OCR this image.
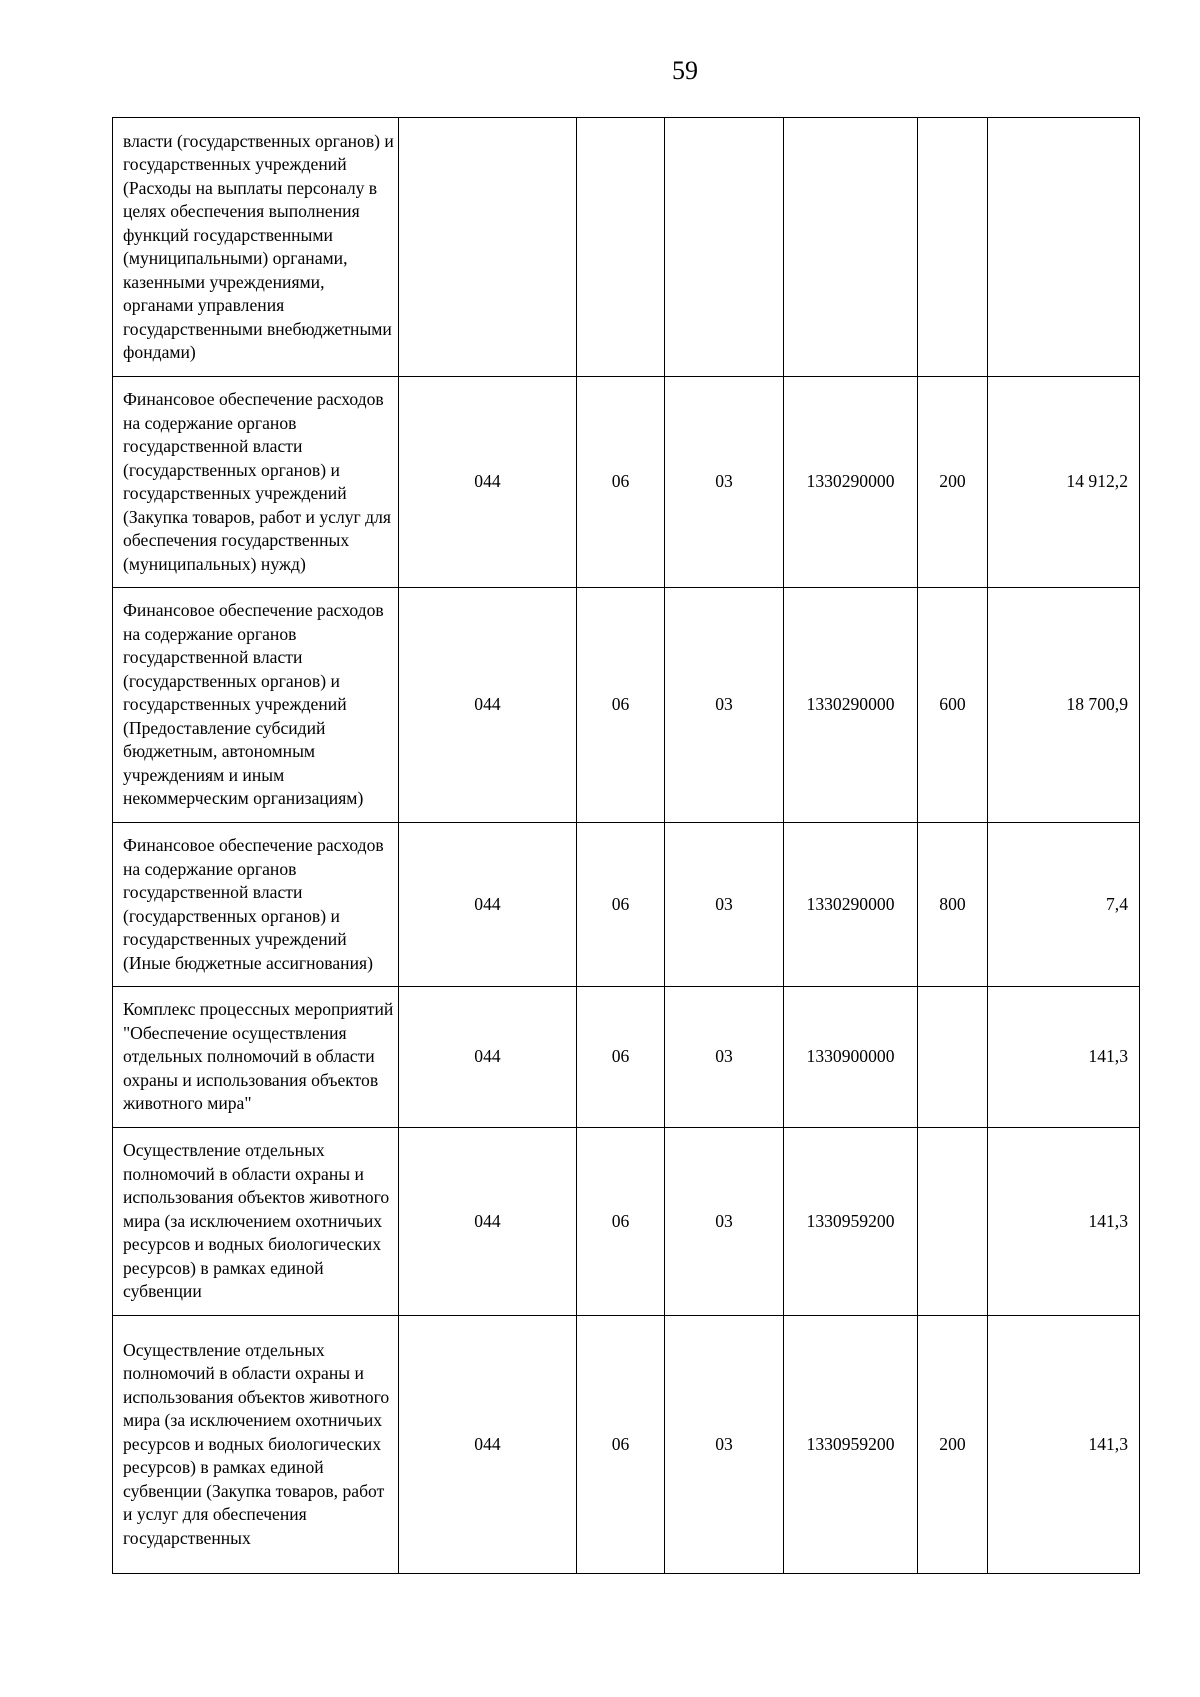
59
власти (государственных органов) и государственных учреждений (Расходы на выплаты персоналу в целях обеспечения выполнения функций государственными (муниципальными) органами, казенными учреждениями, органами управления государственными внебюджетными фондами)						
Финансовое обеспечение расходов на содержание органов государственной власти (государственных органов) и государственных учреждений (Закупка товаров, работ и услуг для обеспечения государственных (муниципальных) нужд)	044	06	03	1330290000	200	14 912,2
Финансовое обеспечение расходов на содержание органов государственной власти (государственных органов) и государственных учреждений (Предоставление субсидий бюджетным, автономным учреждениям и иным некоммерческим организациям)	044	06	03	1330290000	600	18 700,9
Финансовое обеспечение расходов на содержание органов государственной власти (государственных органов) и государственных учреждений (Иные бюджетные ассигнования)	044	06	03	1330290000	800	7,4
Комплекс процессных мероприятий "Обеспечение осуществления отдельных полномочий в области охраны и использования объектов животного мира"	044	06	03	1330900000		141,3
Осуществление отдельных полномочий в области охраны и использования объектов животного мира (за исключением охотничьих ресурсов и водных биологических ресурсов) в рамках единой субвенции	044	06	03	1330959200		141,3
Осуществление отдельных полномочий в области охраны и использования объектов животного мира (за исключением охотничьих ресурсов и водных биологических ресурсов) в рамках единой субвенции (Закупка товаров, работ и услуг для обеспечения государственных	044	06	03	1330959200	200	141,3
